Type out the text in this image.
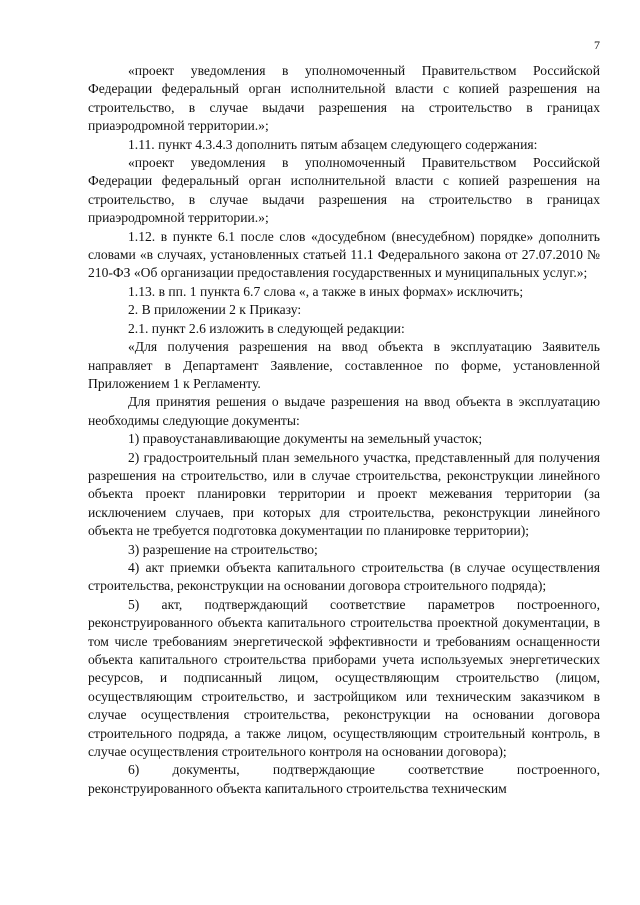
7

«проект уведомления в уполномоченный Правительством Российской Федерации федеральный орган исполнительной власти с копией разрешения на строительство, в случае выдачи разрешения на строительство в границах приаэродромной территории.»;

1.11. пункт 4.3.4.3 дополнить пятым абзацем следующего содержания:

«проект уведомления в уполномоченный Правительством Российской Федерации федеральный орган исполнительной власти с копией разрешения на строительство, в случае выдачи разрешения на строительство в границах приаэродромной территории.»;

1.12. в пункте 6.1 после слов «досудебном (внесудебном) порядке» дополнить словами «в случаях, установленных статьей 11.1 Федерального закона от 27.07.2010 № 210-ФЗ «Об организации предоставления государственных и муниципальных услуг.»;

1.13. в пп. 1 пункта 6.7 слова «, а также в иных формах» исключить;

2. В приложении 2 к Приказу:

2.1. пункт 2.6 изложить в следующей редакции:

«Для получения разрешения на ввод объекта в эксплуатацию Заявитель направляет в Департамент Заявление, составленное по форме, установленной Приложением 1 к Регламенту.

Для принятия решения о выдаче разрешения на ввод объекта в эксплуатацию необходимы следующие документы:

1) правоустанавливающие документы на земельный участок;

2) градостроительный план земельного участка, представленный для получения разрешения на строительство, или в случае строительства, реконструкции линейного объекта проект планировки территории и проект межевания территории (за исключением случаев, при которых для строительства, реконструкции линейного объекта не требуется подготовка документации по планировке территории);

3) разрешение на строительство;

4) акт приемки объекта капитального строительства (в случае осуществления строительства, реконструкции на основании договора строительного подряда);

5) акт, подтверждающий соответствие параметров построенного, реконструированного объекта капитального строительства проектной документации, в том числе требованиям энергетической эффективности и требованиям оснащенности объекта капитального строительства приборами учета используемых энергетических ресурсов, и подписанный лицом, осуществляющим строительство (лицом, осуществляющим строительство, и застройщиком или техническим заказчиком в случае осуществления строительства, реконструкции на основании договора строительного подряда, а также лицом, осуществляющим строительный контроль, в случае осуществления строительного контроля на основании договора);

6) документы, подтверждающие соответствие построенного, реконструированного объекта капитального строительства техническим
